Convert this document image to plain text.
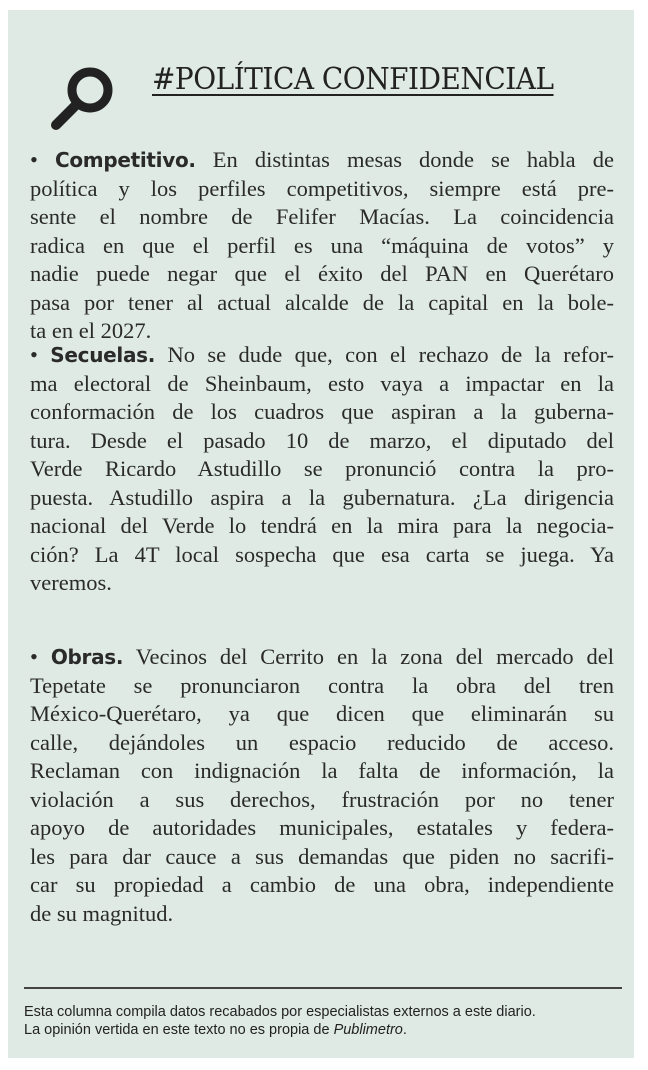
#POLÍTICA CONFIDENCIAL
• Competitivo. En distintas mesas donde se habla de
política y los perfiles competitivos, siempre está pre-
sente el nombre de Felifer Macías. La coincidencia
radica en que el perfil es una “máquina de votos” y
nadie puede negar que el éxito del PAN en Querétaro
pasa por tener al actual alcalde de la capital en la bole-
ta en el 2027.
• Secuelas. No se dude que, con el rechazo de la refor-
ma electoral de Sheinbaum, esto vaya a impactar en la
conformación de los cuadros que aspiran a la guberna-
tura. Desde el pasado 10 de marzo, el diputado del
Verde Ricardo Astudillo se pronunció contra la pro-
puesta. Astudillo aspira a la gubernatura. ¿La dirigencia
nacional del Verde lo tendrá en la mira para la negocia-
ción? La 4T local sospecha que esa carta se juega. Ya
veremos.
• Obras. Vecinos del Cerrito en la zona del mercado del
Tepetate se pronunciaron contra la obra del tren
México-Querétaro, ya que dicen que eliminarán su
calle, dejándoles un espacio reducido de acceso.
Reclaman con indignación la falta de información, la
violación a sus derechos, frustración por no tener
apoyo de autoridades municipales, estatales y federa-
les para dar cauce a sus demandas que piden no sacrifi-
car su propiedad a cambio de una obra, independiente
de su magnitud.
Esta columna compila datos recabados por especialistas externos a este diario.
La opinión vertida en este texto no es propia de Publimetro.
